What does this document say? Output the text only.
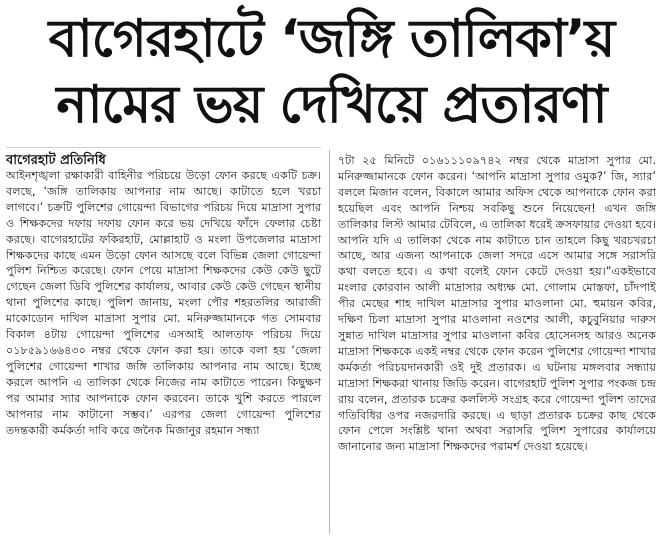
বাগেরহাটে ‘জঙ্গি তালিকা’য়
নামের ভয় দেখিয়ে প্রতারণা
বাগেরহাট প্রতিনিধি
আইনশৃঙ্খলা রক্ষাকারী বাহিনীর পরিচয়ে উড়ো ফোন করছে একটি চক্র। বলছে, ‘জঙ্গি তালিকায় আপনার নাম আছে। কাটাতে হলে খরচা লাগবে।’ চক্রটি পুলিশের গোয়েন্দা বিভাগের পরিচয় দিয়ে মাদ্রাসা সুপার ও শিক্ষকদের দফায় দফায় ফোন করে ভয় দেখিয়ে ফাঁদে ফেলার চেষ্টা করছে। বাগেরহাটের ফকিরহাট, মোল্লাহাট ও মংলা উপজেলার মাদ্রাসা শিক্ষকদের কাছে এমন উড়ো ফোন আসছে বলে বিভিন্ন জেলা গোয়েন্দা পুলিশ নিশ্চিত করেছে। ফোন পেয়ে মাদ্রাসা শিক্ষকদের কেউ কেউ ছুটে গেছেন জেলা ডিবি পুলিশের কার্যালয়, আবার কেউ কেউ গেছেন স্থানীয় থানা পুলিশের কাছে। পুলিশ জানায়, মংলা পৌর শহরতলির আরাজী মাকোডোন দাখিল মাদ্রাসা সুপার মো. মনিরুজ্জামানকে গত সোমবার বিকাল ৪টায় গোয়েন্দা পুলিশের এসআই আলতাফ পরিচয় দিয়ে ০১৮৫৯১৬৬৪৩০ নম্বর থেকে ফোন করা হয়। তাকে বলা হয় ‘জেলা পুলিশের গোয়েন্দা শাখার জঙ্গি তালিকায় আপনার নাম আছে। ইচ্ছে করলে আপনি এ তালিকা থেকে নিজের নাম কাটাতে পারেন। কিছুক্ষণ পর আমার স্যার আপনাকে ফোন করবেন। তাকে খুশি করতে পারলে আপনার নাম কাটানো সম্ভব।’ এরপর জেলা গোয়েন্দা পুলিশের তদন্তকারী কর্মকর্তা দাবি করে জনৈক মিজানুর রহমান সন্ধ্যা
৭টা ২৫ মিনিটে ০১৬১১১০৯৭৪২ নম্বর থেকে মাদ্রাসা সুপার মো. মনিরুজ্জামানকে ফোন করেন। ‘আপনি মাদ্রাসা সুপার ওমুক?’ জি, স্যার’ বললে মিজান বলেন, বিকালে আমার অফিস থেকে আপনাকে ফোন করা হয়েছিল এবং আপনি নিশ্চয় সবকিছু শুনে নিয়েছেন! এখন জঙ্গি তালিকার লিস্ট আমার টেবিলে, এ তালিকা ধরেই ক্রসফায়ার দেওয়া হবে। আপনি যদি এ তালিকা থেকে নাম কাটাতে চান তাহলে কিছু খরচখরচা আছে, আর এজন্য আপনাকে জেলা সদরে এসে আমার সঙ্গে সরাসরি কথা বলতে হবে। এ কথা বলেই ফোন কেটে দেওয়া হয়।”একইভাবে মংলার কোরবান আলী মাদ্রাসার অধ্যক্ষ মো. গোলাম মোস্তফা, চাঁদপাই পীর মেছের শাহ দাখিল মাদ্রাসার সুপার মাওলানা মো. হুমায়ন কবির, দক্ষিণ চিলা মাদ্রাসা সুপার মাওলানা নওশের আলী, কচুবুনিয়ার দারুস সুন্নাত দাখিল মাদ্রাসার সুপার মাওলানা কবির হোসেনসহ আরও অনেক মাদ্রাসা শিক্ষককে একই নম্বর থেকে ফোন করেন পুলিশের গোয়েন্দা শাখার কর্মকর্তা পরিচয়দানকারী ওই দুই প্রতারক। এ ঘটনায় মঙ্গলবার সন্ধ্যায় মাদ্রাসা শিক্ষকরা থানায় জিডি করেন। বাগেরহাট পুলিশ সুপার পংকজ চন্দ্র রায় বলেন, প্রতারক চক্রের কললিস্ট সংগ্রহ করে গোয়েন্দা পুলিশ তাদের গতিবিধির ওপর নজরদারি করছে। এ ছাড়া প্রতারক চক্রের কাছ থেকে ফোন পেলে সংশ্লিষ্ট থানা অথবা সরাসরি পুলিশ সুপারের কার্যালয়ে জানানোর জন্য মাদ্রাসা শিক্ষকদের পরামর্শ দেওয়া হয়েছে।
